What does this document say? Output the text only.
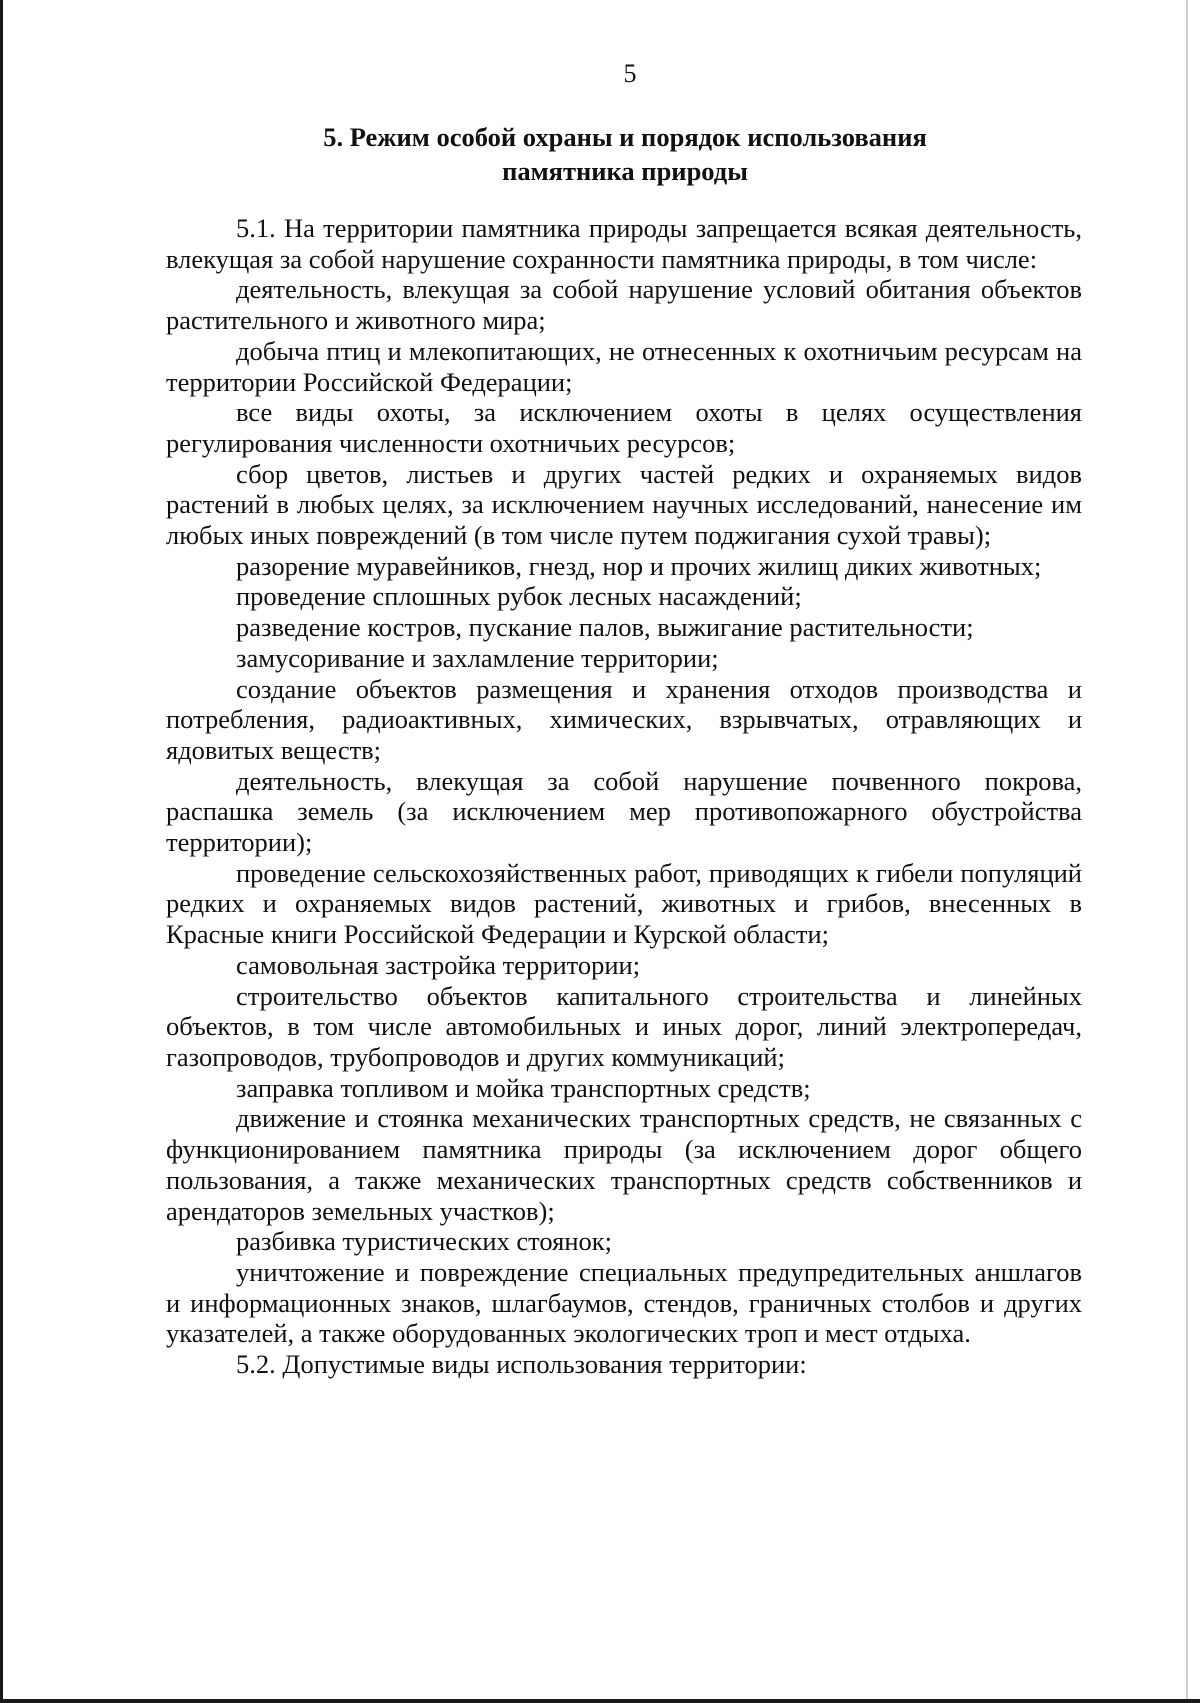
5
5. Режим особой охраны и порядок использования
памятника природы

5.1. На территории памятника природы запрещается всякая деятельность, влекущая за собой нарушение сохранности памятника природы, в том числе:

деятельность, влекущая за собой нарушение условий обитания объектов растительного и животного мира;

добыча птиц и млекопитающих, не отнесенных к охотничьим ресурсам на территории Российской Федерации;

все виды охоты, за исключением охоты в целях осуществления регулирования численности охотничьих ресурсов;

сбор цветов, листьев и других частей редких и охраняемых видов растений в любых целях, за исключением научных исследований, нанесение им любых иных повреждений (в том числе путем поджигания сухой травы);

разорение муравейников, гнезд, нор и прочих жилищ диких животных;

проведение сплошных рубок лесных насаждений;

разведение костров, пускание палов, выжигание растительности;

замусоривание и захламление территории;

создание объектов размещения и хранения отходов производства и потребления, радиоактивных, химических, взрывчатых, отравляющих и ядовитых веществ;

деятельность, влекущая за собой нарушение почвенного покрова, распашка земель (за исключением мер противопожарного обустройства территории);

проведение сельскохозяйственных работ, приводящих к гибели популяций редких и охраняемых видов растений, животных и грибов, внесенных в Красные книги Российской Федерации и Курской области;

самовольная застройка территории;

строительство объектов капитального строительства и линейных объектов, в том числе автомобильных и иных дорог, линий электропередач, газопроводов, трубопроводов и других коммуникаций;

заправка топливом и мойка транспортных средств;

движение и стоянка механических транспортных средств, не связанных с функционированием памятника природы (за исключением дорог общего пользования, а также механических транспортных средств собственников и арендаторов земельных участков);

разбивка туристических стоянок;

уничтожение и повреждение специальных предупредительных аншлагов и информационных знаков, шлагбаумов, стендов, граничных столбов и других указателей, а также оборудованных экологических троп и мест отдыха.

5.2. Допустимые виды использования территории:
